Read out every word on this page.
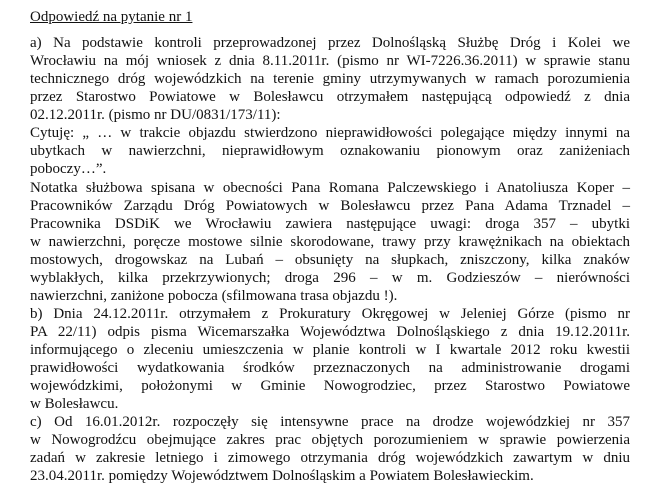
Odpowiedź na pytanie nr 1
a) Na podstawie kontroli przeprowadzonej przez Dolnośląską Służbę Dróg i Kolei we
Wrocławiu na mój wniosek z dnia 8.11.2011r. (pismo nr WI-7226.36.2011) w sprawie stanu
technicznego dróg wojewódzkich na terenie gminy utrzymywanych w ramach porozumienia
przez Starostwo Powiatowe w Bolesławcu otrzymałem następującą odpowiedź z dnia
02.12.2011r. (pismo nr DU/0831/173/11):
Cytuję: „ … w trakcie objazdu stwierdzono nieprawidłowości polegające między innymi na
ubytkach w nawierzchni, nieprawidłowym oznakowaniu pionowym oraz zaniżeniach
poboczy…”.
Notatka służbowa spisana w obecności Pana Romana Palczewskiego i Anatoliusza Koper –
Pracowników Zarządu Dróg Powiatowych w Bolesławcu przez Pana Adama Trznadel –
Pracownika DSDiK we Wrocławiu zawiera następujące uwagi: droga 357 – ubytki
w nawierzchni, poręcze mostowe silnie skorodowane, trawy przy krawężnikach na obiektach
mostowych, drogowskaz na Lubań – obsunięty na słupkach, zniszczony, kilka znaków
wyblakłych, kilka przekrzywionych; droga 296 – w m. Godzieszów – nierówności
nawierzchni, zaniżone pobocza (sfilmowana trasa objazdu !).
b) Dnia 24.12.2011r. otrzymałem z Prokuratury Okręgowej w Jeleniej Górze (pismo nr
PA 22/11) odpis pisma Wicemarszałka Województwa Dolnośląskiego z dnia 19.12.2011r.
informującego o zleceniu umieszczenia w planie kontroli w I kwartale 2012 roku kwestii
prawidłowości wydatkowania środków przeznaczonych na administrowanie drogami
wojewódzkimi, położonymi w Gminie Nowogrodziec, przez Starostwo Powiatowe
w Bolesławcu.
c) Od 16.01.2012r. rozpoczęły się intensywne prace na drodze wojewódzkiej nr 357
w Nowogrodźcu obejmujące zakres prac objętych porozumieniem w sprawie powierzenia
zadań w zakresie letniego i zimowego otrzymania dróg wojewódzkich zawartym w dniu
23.04.2011r. pomiędzy Województwem Dolnośląskim a Powiatem Bolesławieckim.
